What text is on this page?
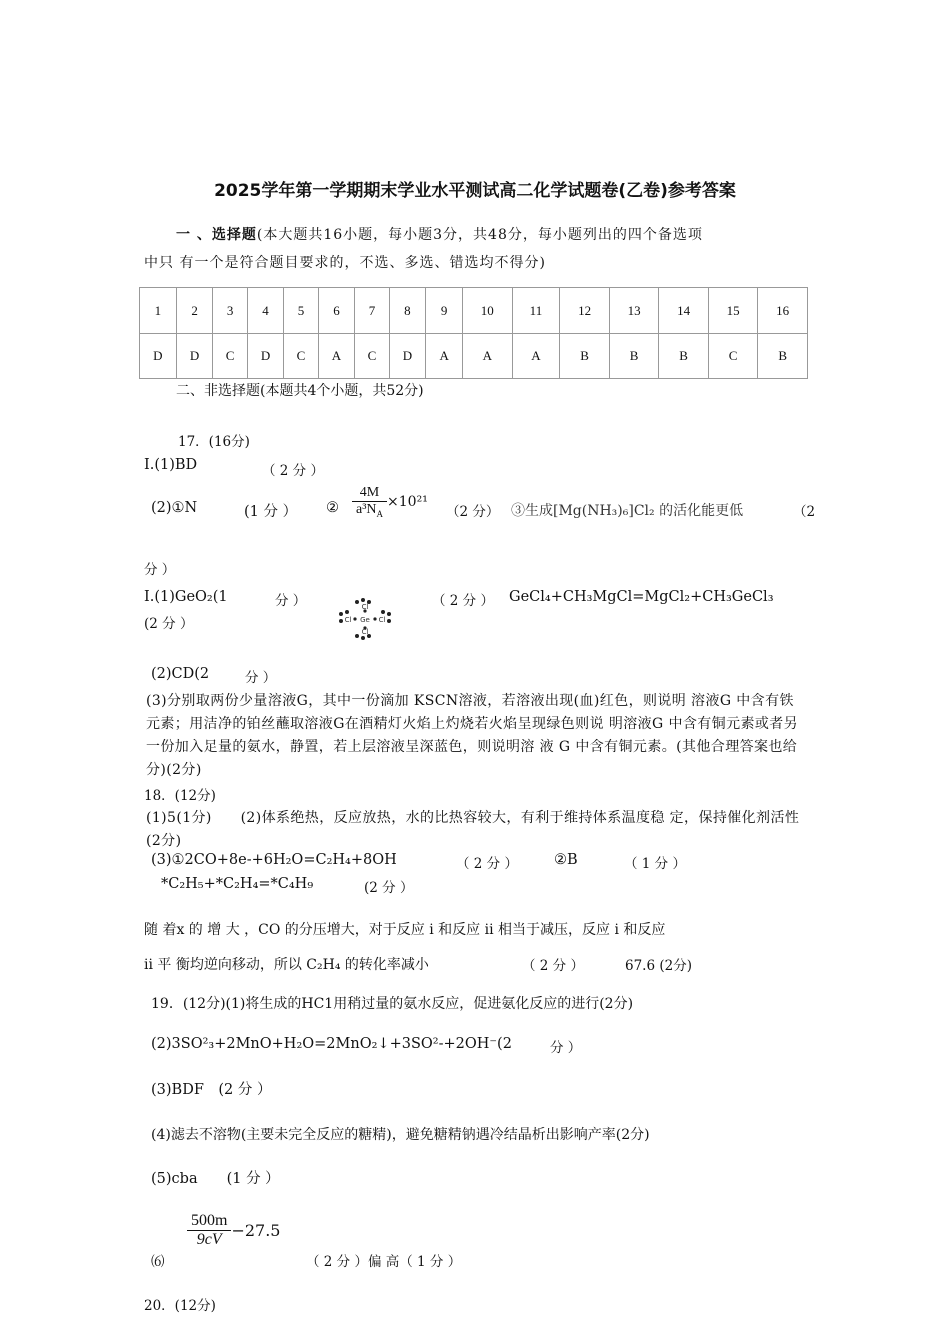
2025学年第一学期期末学业水平测试高二化学试题卷(乙卷)参考答案
一 、选择题(本大题共16小题，每小题3分，共48分，每小题列出的四个备选项
中只 有一个是符合题目要求的，不选、多选、错选均不得分)
1	2	3	4	5	6	7	8	9	10	11	12	13	14	15	16
D	D	C	D	C	A	C	D	A	A	A	B	B	B	C	B
二、非选择题(本题共4个小题，共52分)
17．(16分)
I.(1)BD	（ 2 分 ）
(2)①N	(1 分 ） ② $\frac{4M}{a^3N_A} \times 10^{21}$
（2 分） ③生成[Mg(NH₃)₆]Cl₂ 的活化能更低	（2
分 ）
I.(1)GeO₂(1	分 ）	Cl
Cl Ge Cl
Cl
（ 2 分 ） GeCl₄+CH₃MgCl=MgCl₂+CH₃GeCl₃
(2 分 ）
(2)CD(2	分 ）
(3)分别取两份少量溶液G，其中一份滴加 KSCN溶液，若溶液出现(血)红色，则说明 溶液G 中含有铁元素；用洁净的铂丝蘸取溶液G在酒精灯火焰上灼烧若火焰呈现绿色则说 明溶液G 中含有铜元素或者另一份加入足量的氨水，静置，若上层溶液呈深蓝色，则说明溶 液 G 中含有铜元素。(其他合理答案也给分)(2分)
18．(12分)
(1)5(1分)　　(2)体系绝热，反应放热，水的比热容较大，有利于维持体系温度稳 定，保持催化剂活性(2分)
(3)①2CO+8e-+6H₂O=C₂H₄+8OH	（ 2 分 ） ②B	（ 1 分 ）
*C₂H₅+*C₂H₄=*C₄H₉	(2 分 ）
随 着x 的 增 大 ，CO 的分压增大，对于反应 i 和反应 ii 相当于减压，反应 i 和反应
ii 平 衡均逆向移动，所以 C₂H₄ 的转化率减小	（ 2 分 ）	67.6 (2分)
19．(12分)(1)将生成的HC1用稍过量的氨水反应，促进氨化反应的进行(2分)
(2)3SO²₃+2MnO+H₂O=2MnO₂↓+3SO²-+2OH⁻(2	分 ）
(3)BDF　(2 分 ）
(4)滤去不溶物(主要未完全反应的糖精)，避免糖精钠遇冷结晶析出影响产率(2分)
(5)cba　　(1 分 ）
$\frac{500m}{9cV} -27.5$
⑹	（ 2 分 ）偏 高（ 1 分 ）
20．(12分)
